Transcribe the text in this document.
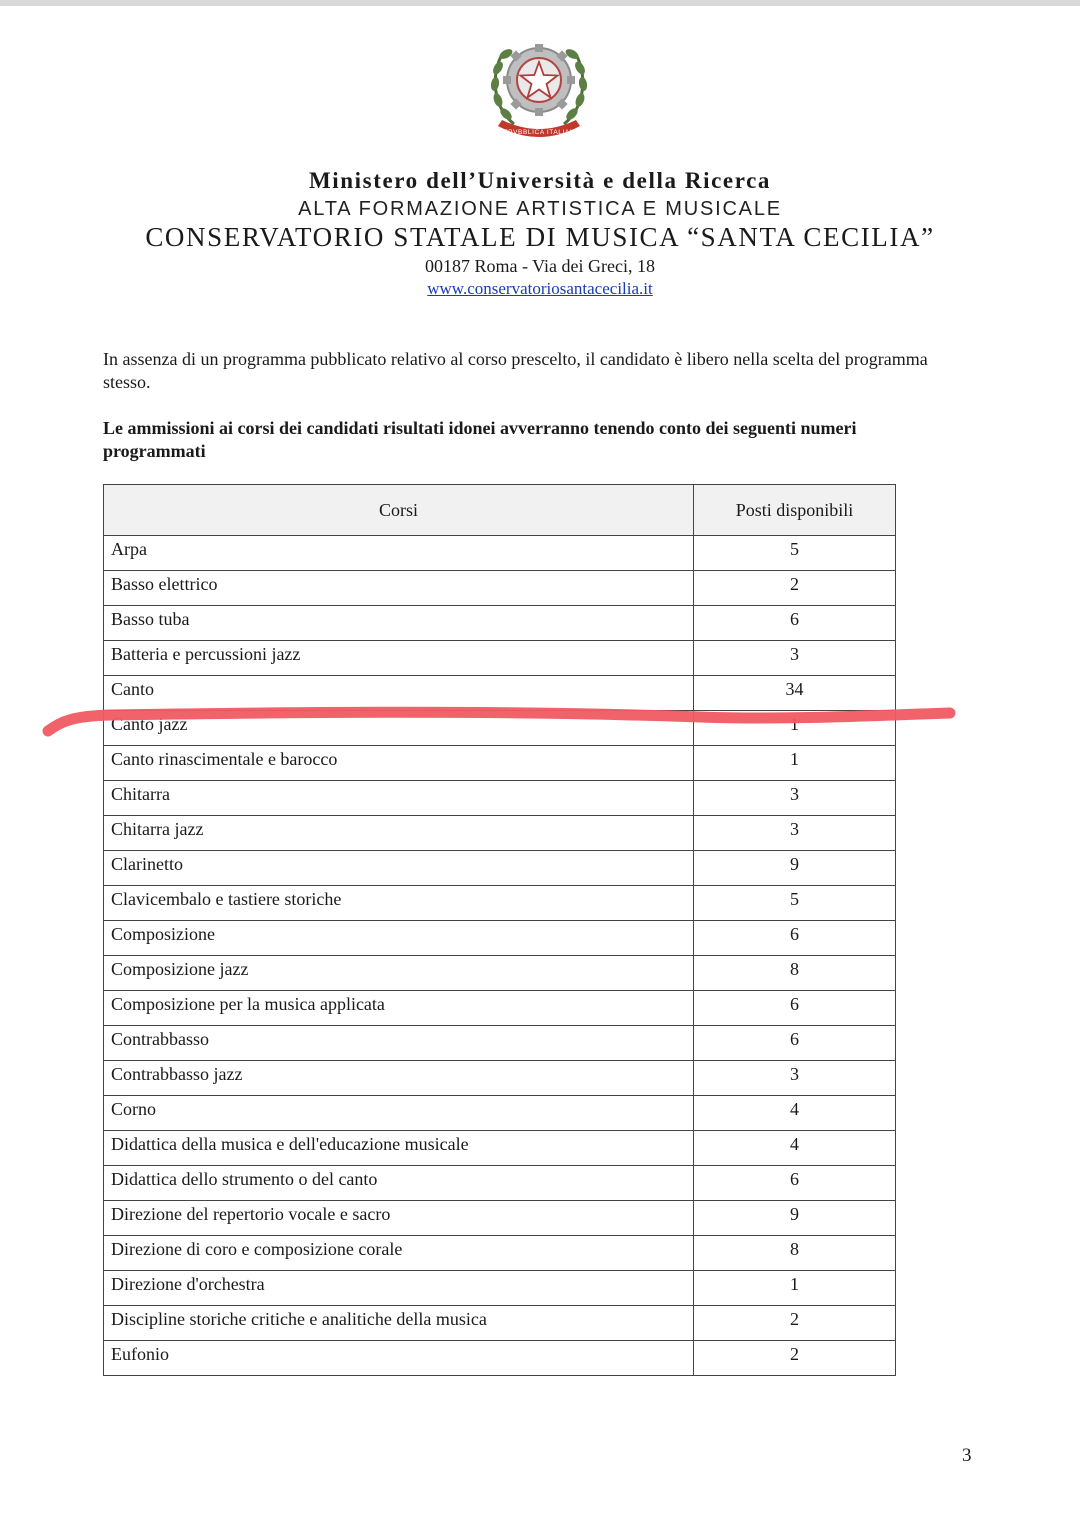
REPVBBLICA ITALIANA
Ministero dell’Università e della Ricerca
ALTA FORMAZIONE ARTISTICA E MUSICALE
CONSERVATORIO STATALE DI MUSICA “SANTA CECILIA”
00187 Roma - Via dei Greci, 18
www.conservatoriosantacecilia.it
In assenza di un programma pubblicato relativo al corso prescelto, il candidato è libero nella scelta del programma stesso.
Le ammissioni ai corsi dei candidati risultati idonei avverranno tenendo conto dei seguenti numeri programmati
Corsi	Posti disponibili
Arpa	5
Basso elettrico	2
Basso tuba	6
Batteria e percussioni jazz	3
Canto	34
Canto jazz	1
Canto rinascimentale e barocco	1
Chitarra	3
Chitarra jazz	3
Clarinetto	9
Clavicembalo e tastiere storiche	5
Composizione	6
Composizione jazz	8
Composizione per la musica applicata	6
Contrabbasso	6
Contrabbasso jazz	3
Corno	4
Didattica della musica e dell'educazione musicale	4
Didattica dello strumento o del canto	6
Direzione del repertorio vocale e sacro	9
Direzione di coro e composizione corale	8
Direzione d'orchestra	1
Discipline storiche critiche e analitiche della musica	2
Eufonio	2
3
